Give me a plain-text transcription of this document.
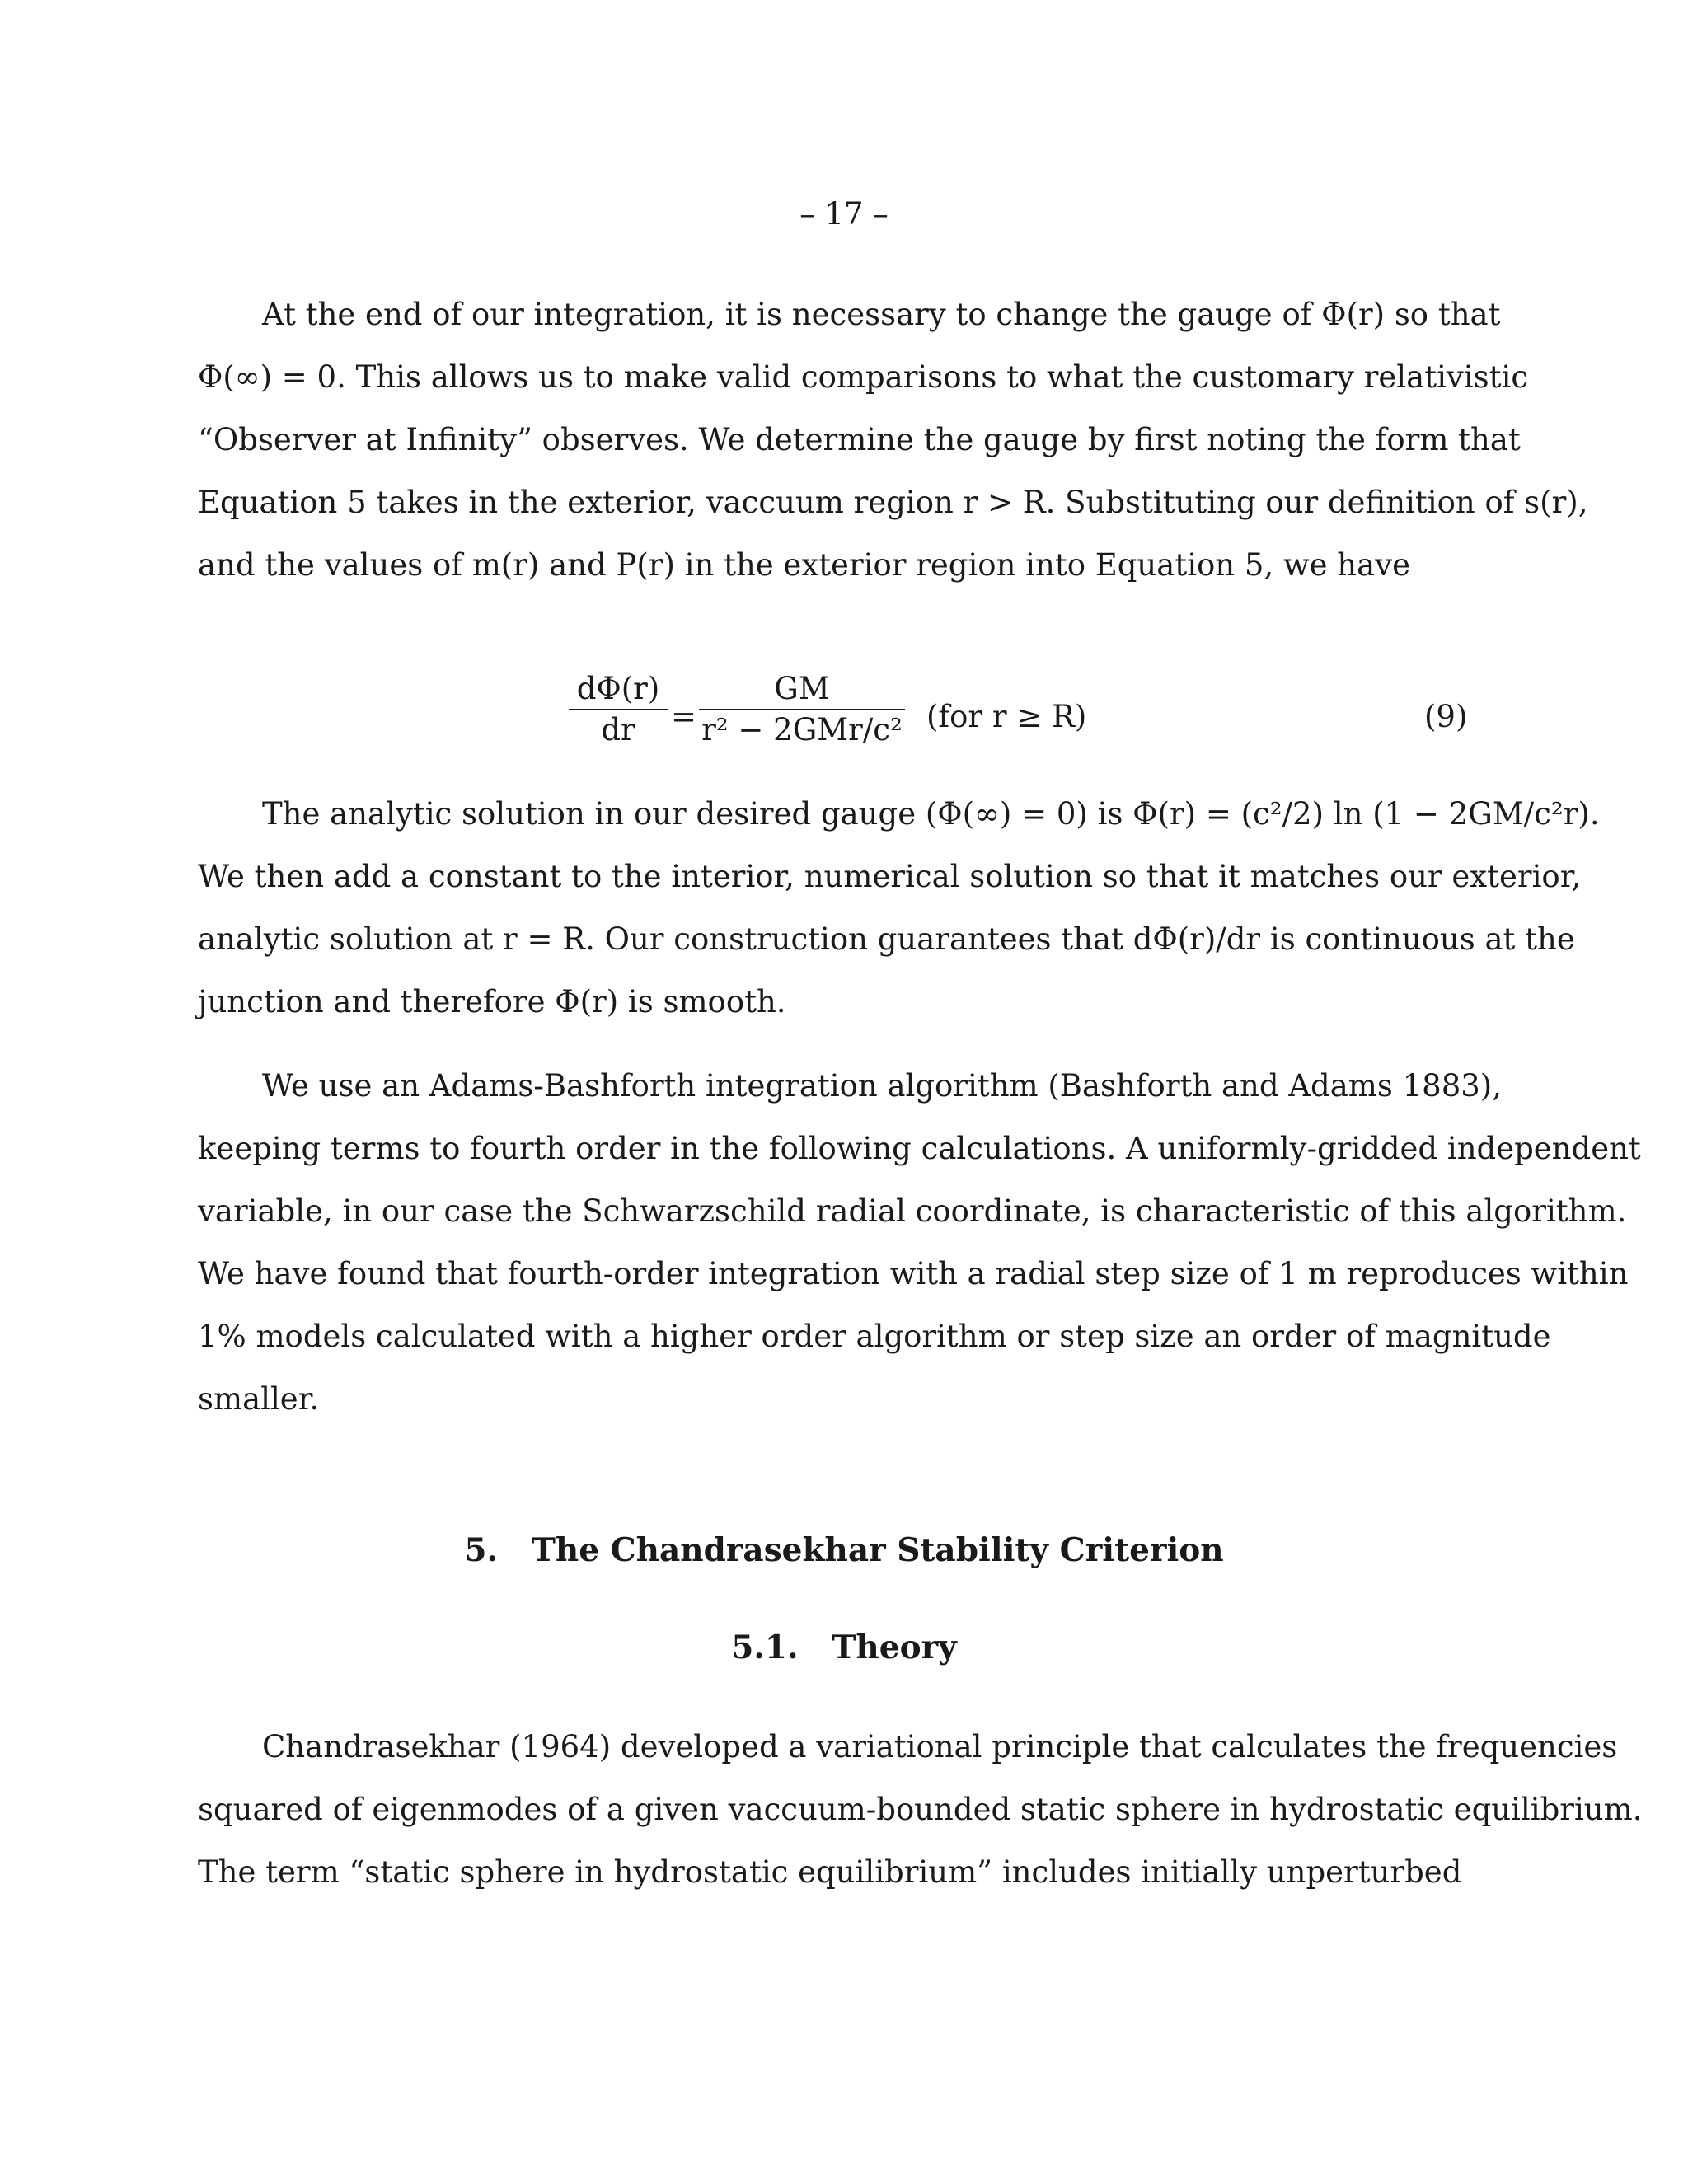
– 17 –
At the end of our integration, it is necessary to change the gauge of Φ(r) so that
Φ(∞) = 0. This allows us to make valid comparisons to what the customary relativistic
“Observer at Infinity” observes. We determine the gauge by first noting the form that
Equation 5 takes in the exterior, vaccuum region r > R. Substituting our definition of s(r),
and the values of m(r) and P(r) in the exterior region into Equation 5, we have
dΦ(r)
dr	=
GM
r² − 2GMr/c² (for r ≥ R)	(9)
The analytic solution in our desired gauge (Φ(∞) = 0) is Φ(r) = (c²/2) ln (1 − 2GM/c²r).
We then add a constant to the interior, numerical solution so that it matches our exterior,
analytic solution at r = R. Our construction guarantees that dΦ(r)/dr is continuous at the
junction and therefore Φ(r) is smooth.
We use an Adams-Bashforth integration algorithm (Bashforth and Adams 1883),
keeping terms to fourth order in the following calculations. A uniformly-gridded independent
variable, in our case the Schwarzschild radial coordinate, is characteristic of this algorithm.
We have found that fourth-order integration with a radial step size of 1 m reproduces within
1% models calculated with a higher order algorithm or step size an order of magnitude
smaller.
5. The Chandrasekhar Stability Criterion
5.1. Theory
Chandrasekhar (1964) developed a variational principle that calculates the frequencies
squared of eigenmodes of a given vaccuum-bounded static sphere in hydrostatic equilibrium.
The term “static sphere in hydrostatic equilibrium” includes initially unperturbed
